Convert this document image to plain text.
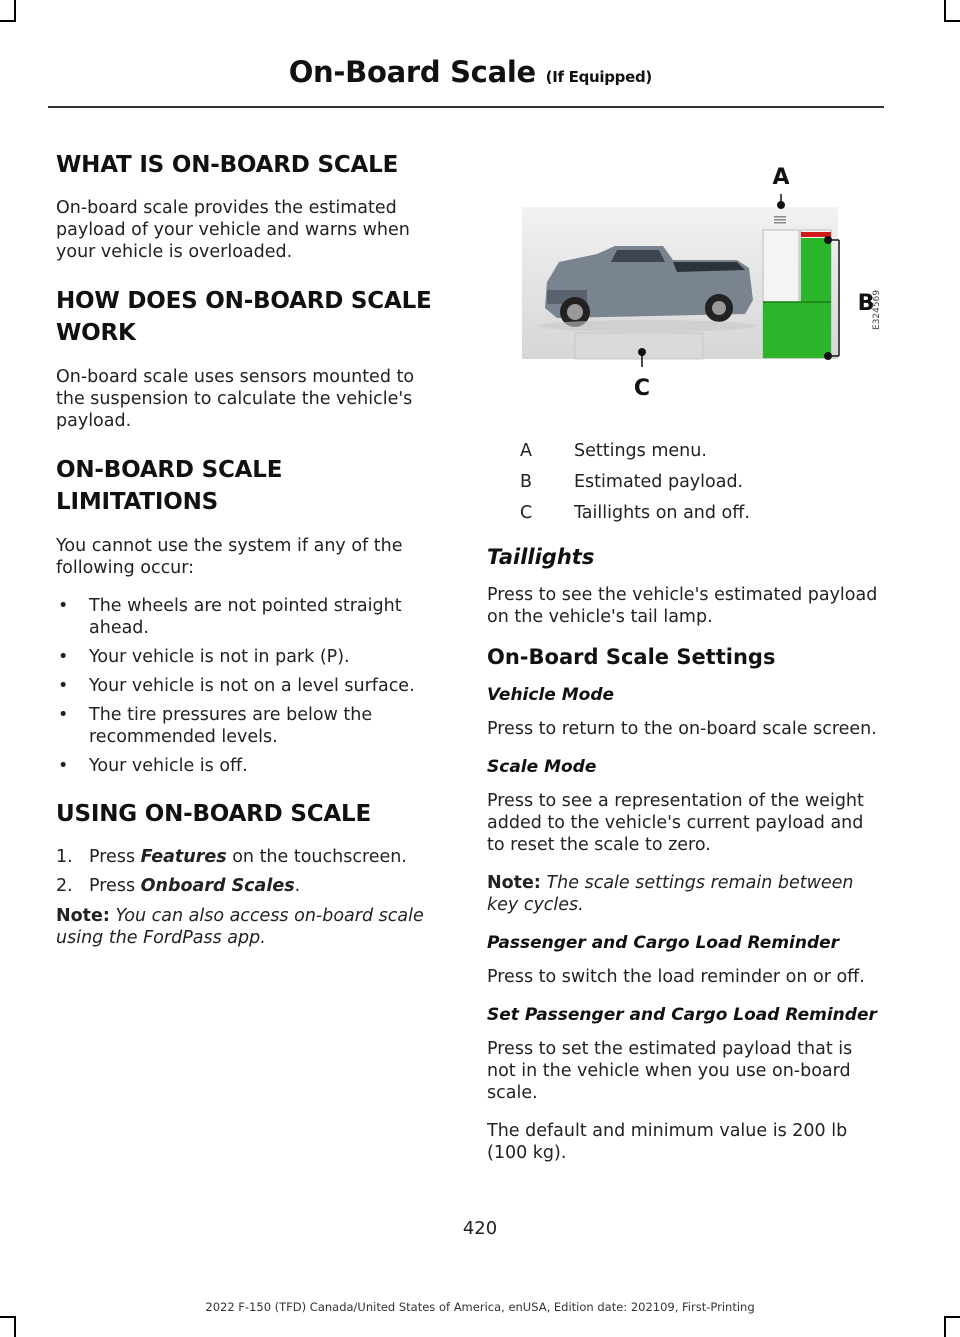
On-Board Scale (If Equipped)
WHAT IS ON-BOARD SCALE

On-board scale provides the estimated payload of your vehicle and warns when your vehicle is overloaded.

HOW DOES ON-BOARD SCALE WORK

On-board scale uses sensors mounted to the suspension to calculate the vehicle's payload.

ON-BOARD SCALE LIMITATIONS

You cannot use the system if any of the following occur:

• The wheels are not pointed straight ahead.
• Your vehicle is not in park (P).
• Your vehicle is not on a level surface.
• The tire pressures are below the recommended levels.
• Your vehicle is off.
USING ON-BOARD SCALE
1. Press Features on the touchscreen.
2. Press Onboard Scales.

Note: You can also access on-board scale using the FordPass app.

A
B
C
E324569
A	Settings menu.
B	Estimated payload.
C	Taillights on and off.
Taillights

Press to see the vehicle's estimated payload on the vehicle's tail lamp.

On-Board Scale Settings
Vehicle Mode

Press to return to the on-board scale screen.

Scale Mode

Press to see a representation of the weight added to the vehicle's current payload and to reset the scale to zero.

Note: The scale settings remain between key cycles.

Passenger and Cargo Load Reminder

Press to switch the load reminder on or off.

Set Passenger and Cargo Load Reminder

Press to set the estimated payload that is not in the vehicle when you use on-board scale.

The default and minimum value is 200 lb (100 kg).

420
2022 F-150 (TFD) Canada/United States of America, enUSA, Edition date: 202109, First-Printing
